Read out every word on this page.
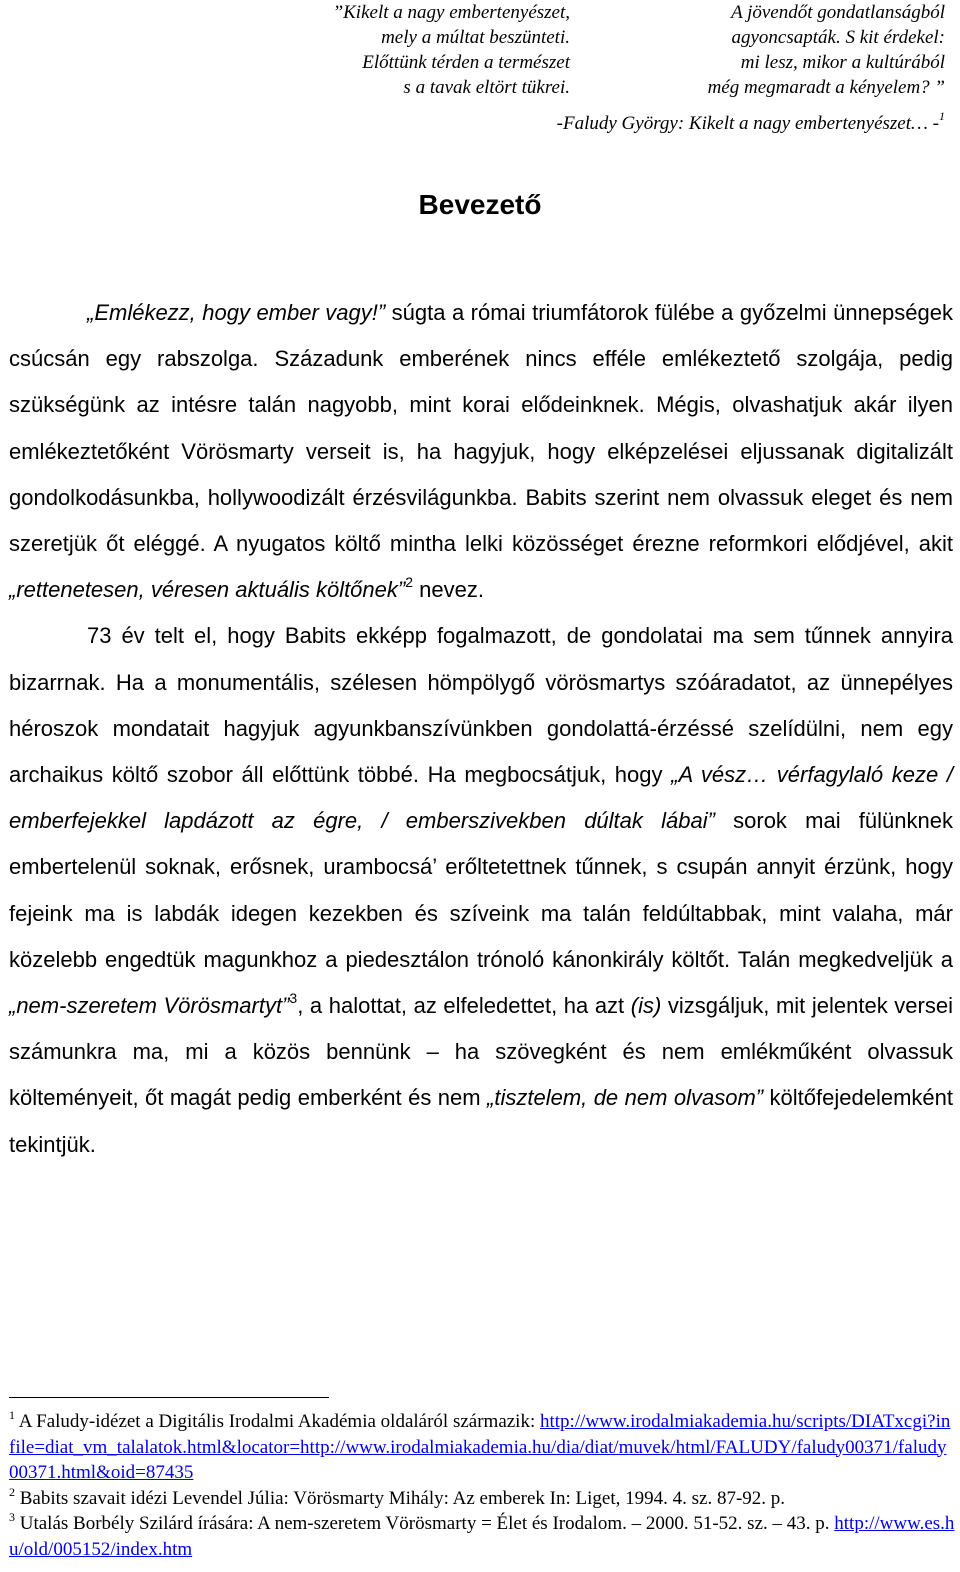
”Kikelt a nagy embertenyészet,
mely a múltat beszünteti.
Előttünk térden a természet
s a tavak eltört tükrei.
A jövendőt gondatlanságból
agyoncsapták. S kit érdekel:
mi lesz, mikor a kultúrából
még megmaradt a kényelem? ”
-Faludy György: Kikelt a nagy embertenyészet… -$^1$
Bevezető

„Emlékezz, hogy ember vagy!” súgta a római triumfátorok fülébe a győzelmi ünnepségek csúcsán egy rabszolga. Századunk emberének nincs efféle emlékeztető szolgája, pedig szükségünk az intésre talán nagyobb, mint korai elődeinknek. Mégis, olvashatjuk akár ilyen emlékeztetőként Vörösmarty verseit is, ha hagyjuk, hogy elképzelései eljussanak digitalizált gondolkodásunkba, hollywoodizált érzésvilágunkba. Babits szerint nem olvassuk eleget és nem szeretjük őt eléggé. A nyugatos költő mintha lelki közösséget érezne reformkori elődjével, akit „rettenetesen, véresen aktuális költőnek”$^2$ nevez.

73 év telt el, hogy Babits ekképp fogalmazott, de gondolatai ma sem tűnnek annyira bizarrnak. Ha a monumentális, szélesen hömpölygő vörösmartys szóáradatot, az ünnepélyes héroszok mondatait hagyjuk agyunkbanszívünkben gondolattá-érzéssé szelídülni, nem egy archaikus költő szobor áll előttünk többé. Ha megbocsátjuk, hogy „A vész… vérfagylaló keze / emberfejekkel lapdázott az égre, / emberszivekben dúltak lábai” sorok mai fülünknek embertelenül soknak, erősnek, urambocsá’ erőltetettnek tűnnek, s csupán annyit érzünk, hogy fejeink ma is labdák idegen kezekben és szíveink ma talán feldúltabbak, mint valaha, már közelebb engedtük magunkhoz a piedesztálon trónoló kánonkirály költőt. Talán megkedveljük a „nem-szeretem Vörösmartyt”$^3$, a halottat, az elfeledettet, ha azt (is) vizsgáljuk, mit jelentek versei számunkra ma, mi a közös bennünk – ha szövegként és nem emlékműként olvassuk költeményeit, őt magát pedig emberként és nem „tisztelem, de nem olvasom” költőfejedelemként tekintjük.

$^1$ A Faludy-idézet a Digitális Irodalmi Akadémia oldaláról származik: http://www.irodalmiakademia.hu/scripts/DIATxcgi?infile=diat_vm_talalatok.html&locator=http://www.irodalmiakademia.hu/dia/diat/muvek/html/FALUDY/faludy00371/faludy00371.html&oid=87435
$^2$ Babits szavait idézi Levendel Júlia: Vörösmarty Mihály: Az emberek In: Liget, 1994. 4. sz. 87-92. p.
$^3$ Utalás Borbély Szilárd írására: A nem-szeretem Vörösmarty = Élet és Irodalom. – 2000. 51-52. sz. – 43. p. http://www.es.hu/old/005152/index.htm
